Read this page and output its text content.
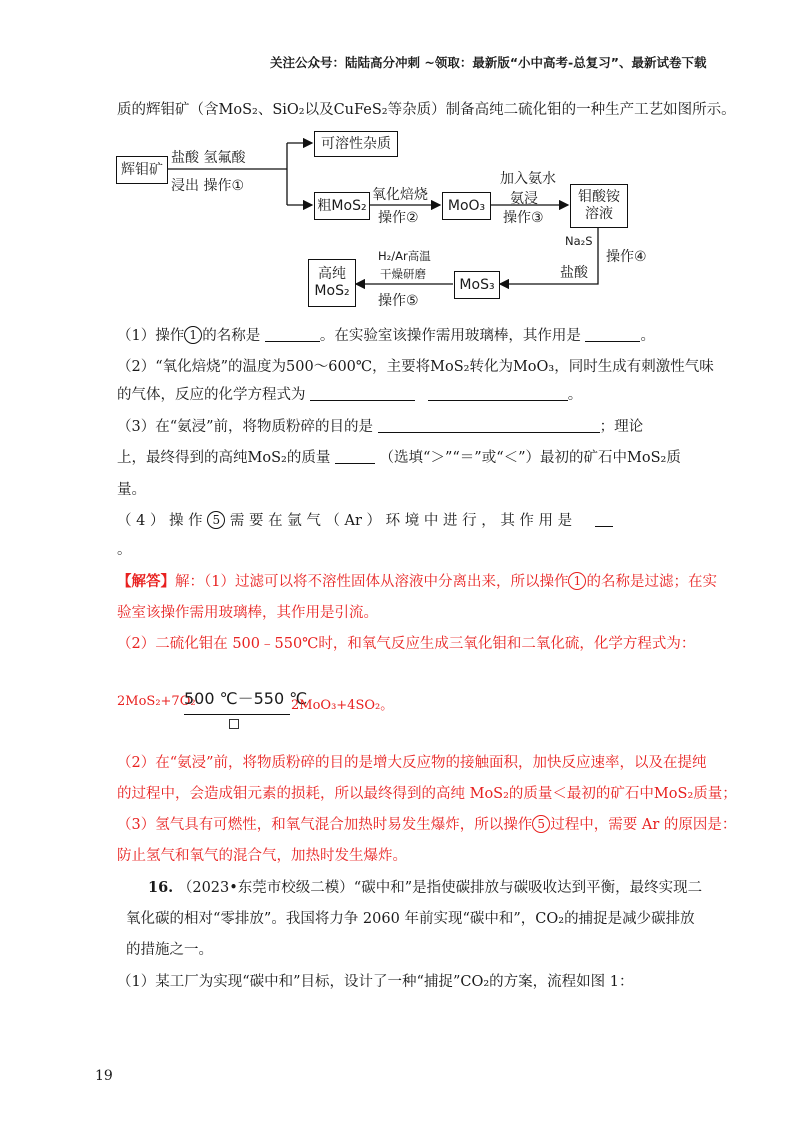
关注公众号：陆陆高分冲刺 ~领取：最新版“小中高考-总复习”、最新试卷下载
质的辉钼矿（含MoS₂、SiO₂以及CuFeS₂等杂质）制备高纯二硫化钼的一种生产工艺如图所示。
辉钼矿
可溶性杂质
粗MoS₂	MoO₃
钼酸铵
溶液
MoS₃
高纯
MoS₂
盐酸 氢氟酸
浸出 操作①
氧化焙烧
操作②
加入氨水
氨浸
操作③
Na₂S
操作④
盐酸
H₂/Ar高温
干燥研磨
操作⑤
（1）操作 1 的名称是	。在实验室该操作需用玻璃棒，其作用是	。
（2）“氧化焙烧”的温度为500～600℃，主要将MoS₂转化为MoO₃，同时生成有刺激性气味
的气体，反应的化学方程式为	。
（3）在“氨浸”前，将物质粉碎的目的是	；理论
上，最终得到的高纯MoS₂的质量	（选填“＞”“＝”或“＜”）最初的矿石中MoS₂质
量。
（ 4 ） 操 作 5 需 要 在 氩 气 （ Ar ） 环 境 中 进 行 ， 其 作 用 是
。
【解答】解：（1）过滤可以将不溶性固体从溶液中分离出来，所以操作 1 的名称是过滤；在实
验室该操作需用玻璃棒，其作用是引流。
（2）二硫化钼在 500﹣550℃时，和氧气反应生成三氧化钼和二氧化硫，化学方程式为：
2MoS₂+7O₂
500 ℃－550 ℃
2MoO₃+4SO₂。
（2）在“氨浸”前，将物质粉碎的目的是增大反应物的接触面积，加快反应速率，以及在提纯
的过程中，会造成钼元素的损耗，所以最终得到的高纯 MoS₂的质量＜最初的矿石中MoS₂质量；
（3）氢气具有可燃性，和氧气混合加热时易发生爆炸，所以操作 5 过程中，需要 Ar 的原因是：
防止氢气和氧气的混合气，加热时发生爆炸。
16. （2023•东莞市校级二模）“碳中和”是指使碳排放与碳吸收达到平衡，最终实现二
氧化碳的相对“零排放”。我国将力争 2060 年前实现“碳中和”，CO₂的捕捉是减少碳排放
的措施之一。
（1）某工厂为实现“碳中和”目标，设计了一种“捕捉”CO₂的方案，流程如图 1：
19
